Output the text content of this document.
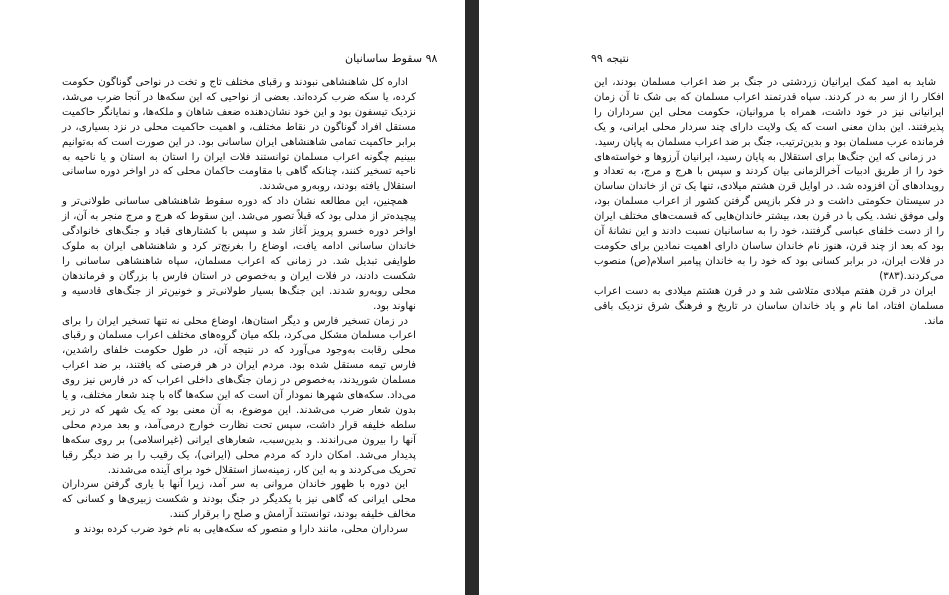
۹۸ سقوط ساسانیان

اداره کل شاهنشاهی نبودند و رقبای مختلف تاج و تخت در نواحی گوناگون حکومت کرده، یا سکه ضرب کرده‌اند. بعضی از نواحیی که این سکه‌ها در آنجا ضرب می‌شد، نزدیک تیسفون بود و این خود نشان‌دهنده ضعف شاهان و ملکه‌ها، و نمایانگر حاکمیت مستقل افراد گوناگون در نقاط مختلف، و اهمیت حاکمیت محلی در نزد بسیاری، در برابر حاکمیت تمامی شاهنشاهی ایران ساسانی بود. در این صورت است که به‌توانیم ببینیم چگونه اعراب مسلمان توانستند فلات ایران را استان به استان و یا ناحیه به ناحیه تسخیر کنند، چنانکه گاهی با مقاومت حاکمان محلی که در اواخر دوره ساسانی استقلال یافته بودند، روبه‌رو می‌شدند.

همچنین، این مطالعه نشان داد که دوره سقوط شاهنشاهی ساسانی طولانی‌تر و پیچیده‌تر از مدلی بود که قبلاً تصور می‌شد. این سقوط که هرج و مرج منجر به آن، از اواخر دوره خسرو پرویز آغاز شد و سپس با کشتارهای قباد و جنگ‌های خانوادگی خاندان ساسانی ادامه یافت، اوضاع را بغرنج‌تر کرد و شاهنشاهی ایران به ملوک طوایفی تبدیل شد. در زمانی که اعراب مسلمان، سپاه شاهنشاهی ساسانی را شکست دادند، در فلات ایران و به‌خصوص در استان فارس با بزرگان و فرماندهان محلی روبه‌رو شدند. این جنگ‌ها بسیار طولانی‌تر و خونین‌تر از جنگ‌های قادسیه و نهاوند بود.

در زمان تسخیر فارس و دیگر استان‌ها، اوضاع محلی نه تنها تسخیر ایران را برای اعراب مسلمان مشکل می‌کرد، بلکه میان گروه‌های مختلف اعراب مسلمان و رقبای محلی رقابت به‌وجود می‌آورد که در نتیجه آن، در طول حکومت خلفای راشدین، فارس تیمه مستقل شده بود. مردم ایران در هر فرصتی که یافتند، بر ضد اعراب مسلمان شوریدند، به‌خصوص در زمان جنگ‌های داخلی اعراب که در فارس نیز روی می‌داد. سکه‌های شهرها نمودار آن است که این سکه‌ها گاه با چند شعار مختلف، و یا بدون شعار ضرب می‌شدند. این موضوع، به آن معنی بود که یک شهر که در زیر سلطه خلیفه قرار داشت، سپس تحت نظارت خوارج درمی‌آمد، و بعد مردم محلی آنها را بیرون می‌راندند. و بدین‌سبب، شعارهای ایرانی (غیراسلامی) بر روی سکه‌ها پدیدار می‌شد. امکان دارد که مردم محلی (ایرانی)، یک رقیب را بر ضد دیگر رقبا تحریک می‌کردند و به این کار، زمینه‌ساز استقلال خود برای آینده می‌شدند.

این دوره با ظهور خاندان مروانی به سر آمد، زیرا آنها با یاری گرفتن سرداران محلی ایرانی که گاهی نیز با یکدیگر در جنگ بودند و شکست زبیری‌ها و کسانی که مخالف خلیفه بودند، توانستند آرامش و صلح را برقرار کنند.

سرداران محلی، مانند دارا و منصور که سکه‌هایی به نام خود ضرب کرده بودند و

نتیجه ۹۹

شاید به امید کمک ایرانیان زردشتی در جنگ بر ضد اعراب مسلمان بودند، این افکار را از سر به در کردند. سپاه قدرتمند اعراب مسلمان که بی شک تا آن زمان ایرانیانی نیز در خود داشت، همراه با مروانیان، حکومت محلی این سرداران را پذیرفتند. این بدان معنی است که یک ولایت دارای چند سردار محلی ایرانی، و یک فرمانده عرب مسلمان بود و بدین‌ترتیب، جنگ بر ضد اعراب مسلمان به پایان رسید.

در زمانی که این جنگ‌ها برای استقلال به پایان رسید، ایرانیان آرزوها و خواسته‌های خود را از طریق ادبیات آخرالزمانی بیان کردند و سپس با هرج و مرج، به تعداد و رویدادهای آن افزوده شد. در اوایل قرن هشتم میلادی، تنها یک تن از خاندان ساسان در سیستان حکومتی داشت و در فکر بازپس گرفتن کشور از اعراب مسلمان بود، ولی موفق نشد. یکی با در قرن بعد، بیشتر خاندان‌هایی که قسمت‌های مختلف ایران را از دست خلفای عباسی گرفتند، خود را به ساسانیان نسبت دادند و این نشانهٔ آن بود که بعد از چند قرن، هنوز نام خاندان ساسان دارای اهمیت نمادین برای حکومت در فلات ایران، در برابر کسانی بود که خود را به خاندان پیامبر اسلام(ص) منصوب می‌کردند.(۳۸۳)

ایران در قرن هفتم میلادی متلاشی شد و در قرن هشتم میلادی به دست اعراب مسلمان افتاد، اما نام و یاد خاندان ساسان در تاریخ و فرهنگ شرق نزدیک باقی ماند.
